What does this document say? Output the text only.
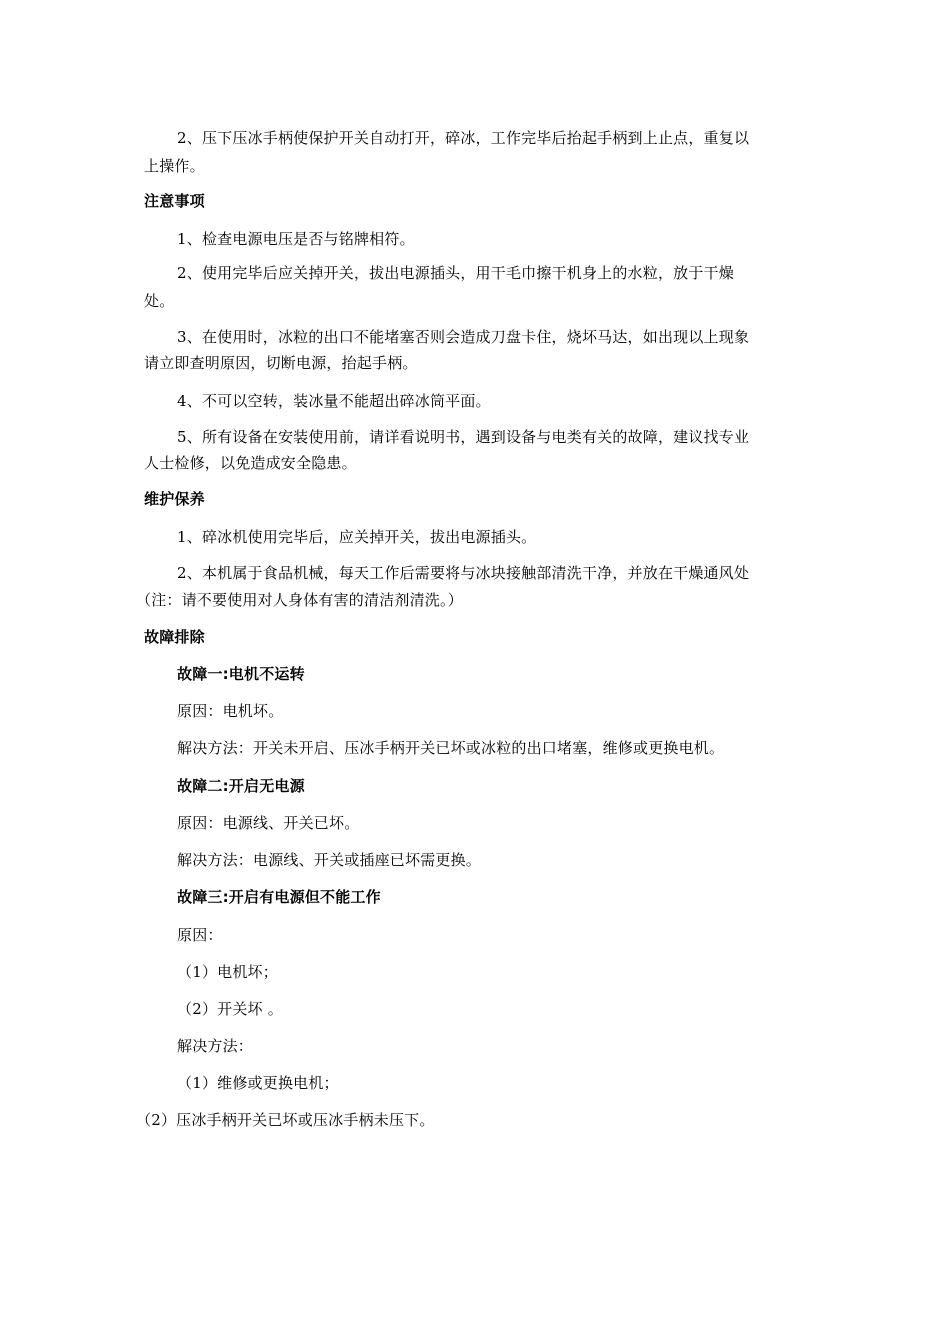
2、压下压冰手柄使保护开关自动打开，碎冰，工作完毕后抬起手柄到上止点，重复以
上操作。
注意事项
1、检查电源电压是否与铭牌相符。
2、使用完毕后应关掉开关，拔出电源插头，用干毛巾擦干机身上的水粒，放于干燥
处。
3、在使用时，冰粒的出口不能堵塞否则会造成刀盘卡住，烧坏马达，如出现以上现象
请立即查明原因，切断电源，抬起手柄。
4、不可以空转，装冰量不能超出碎冰筒平面。
5、所有设备在安装使用前，请详看说明书，遇到设备与电类有关的故障，建议找专业
人士检修，以免造成安全隐患。
维护保养
1、碎冰机使用完毕后，应关掉开关，拔出电源插头。
2、本机属于食品机械，每天工作后需要将与冰块接触部清洗干净，并放在干燥通风处
（注：请不要使用对人身体有害的清洁剂清洗。）
故障排除
故障一:电机不运转
原因：电机坏。
解决方法：开关未开启、压冰手柄开关已坏或冰粒的出口堵塞，维修或更换电机。
故障二:开启无电源
原因：电源线、开关已坏。
解决方法：电源线、开关或插座已坏需更换。
故障三:开启有电源但不能工作
原因：
（1）电机坏；
（2）开关坏 。
解决方法：
（1）维修或更换电机；
（2）压冰手柄开关已坏或压冰手柄未压下。
